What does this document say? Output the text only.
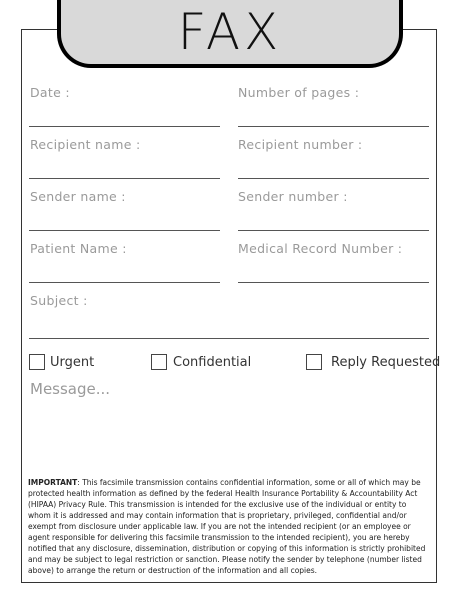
FAX
Date :	Number of pages :
Recipient name :	Recipient number :
Sender name :	Sender number :
Patient Name :	Medical Record Number :
Subject :
Urgent	Confidential	Reply Requested
Message...
IMPORTANT: This facsimile transmission contains confidential information, some or all of which may be protected health information as defined by the federal Health Insurance Portability & Accountability Act (HIPAA) Privacy Rule. This transmission is intended for the exclusive use of the individual or entity to whom it is addressed and may contain information that is proprietary, privileged, confidential and/or exempt from disclosure under applicable law. If you are not the intended recipient (or an employee or agent responsible for delivering this facsimile transmission to the intended recipient), you are hereby notified that any disclosure, dissemination, distribution or copying of this information is strictly prohibited and may be subject to legal restriction or sanction. Please notify the sender by telephone (number listed above) to arrange the return or destruction of the information and all copies.
